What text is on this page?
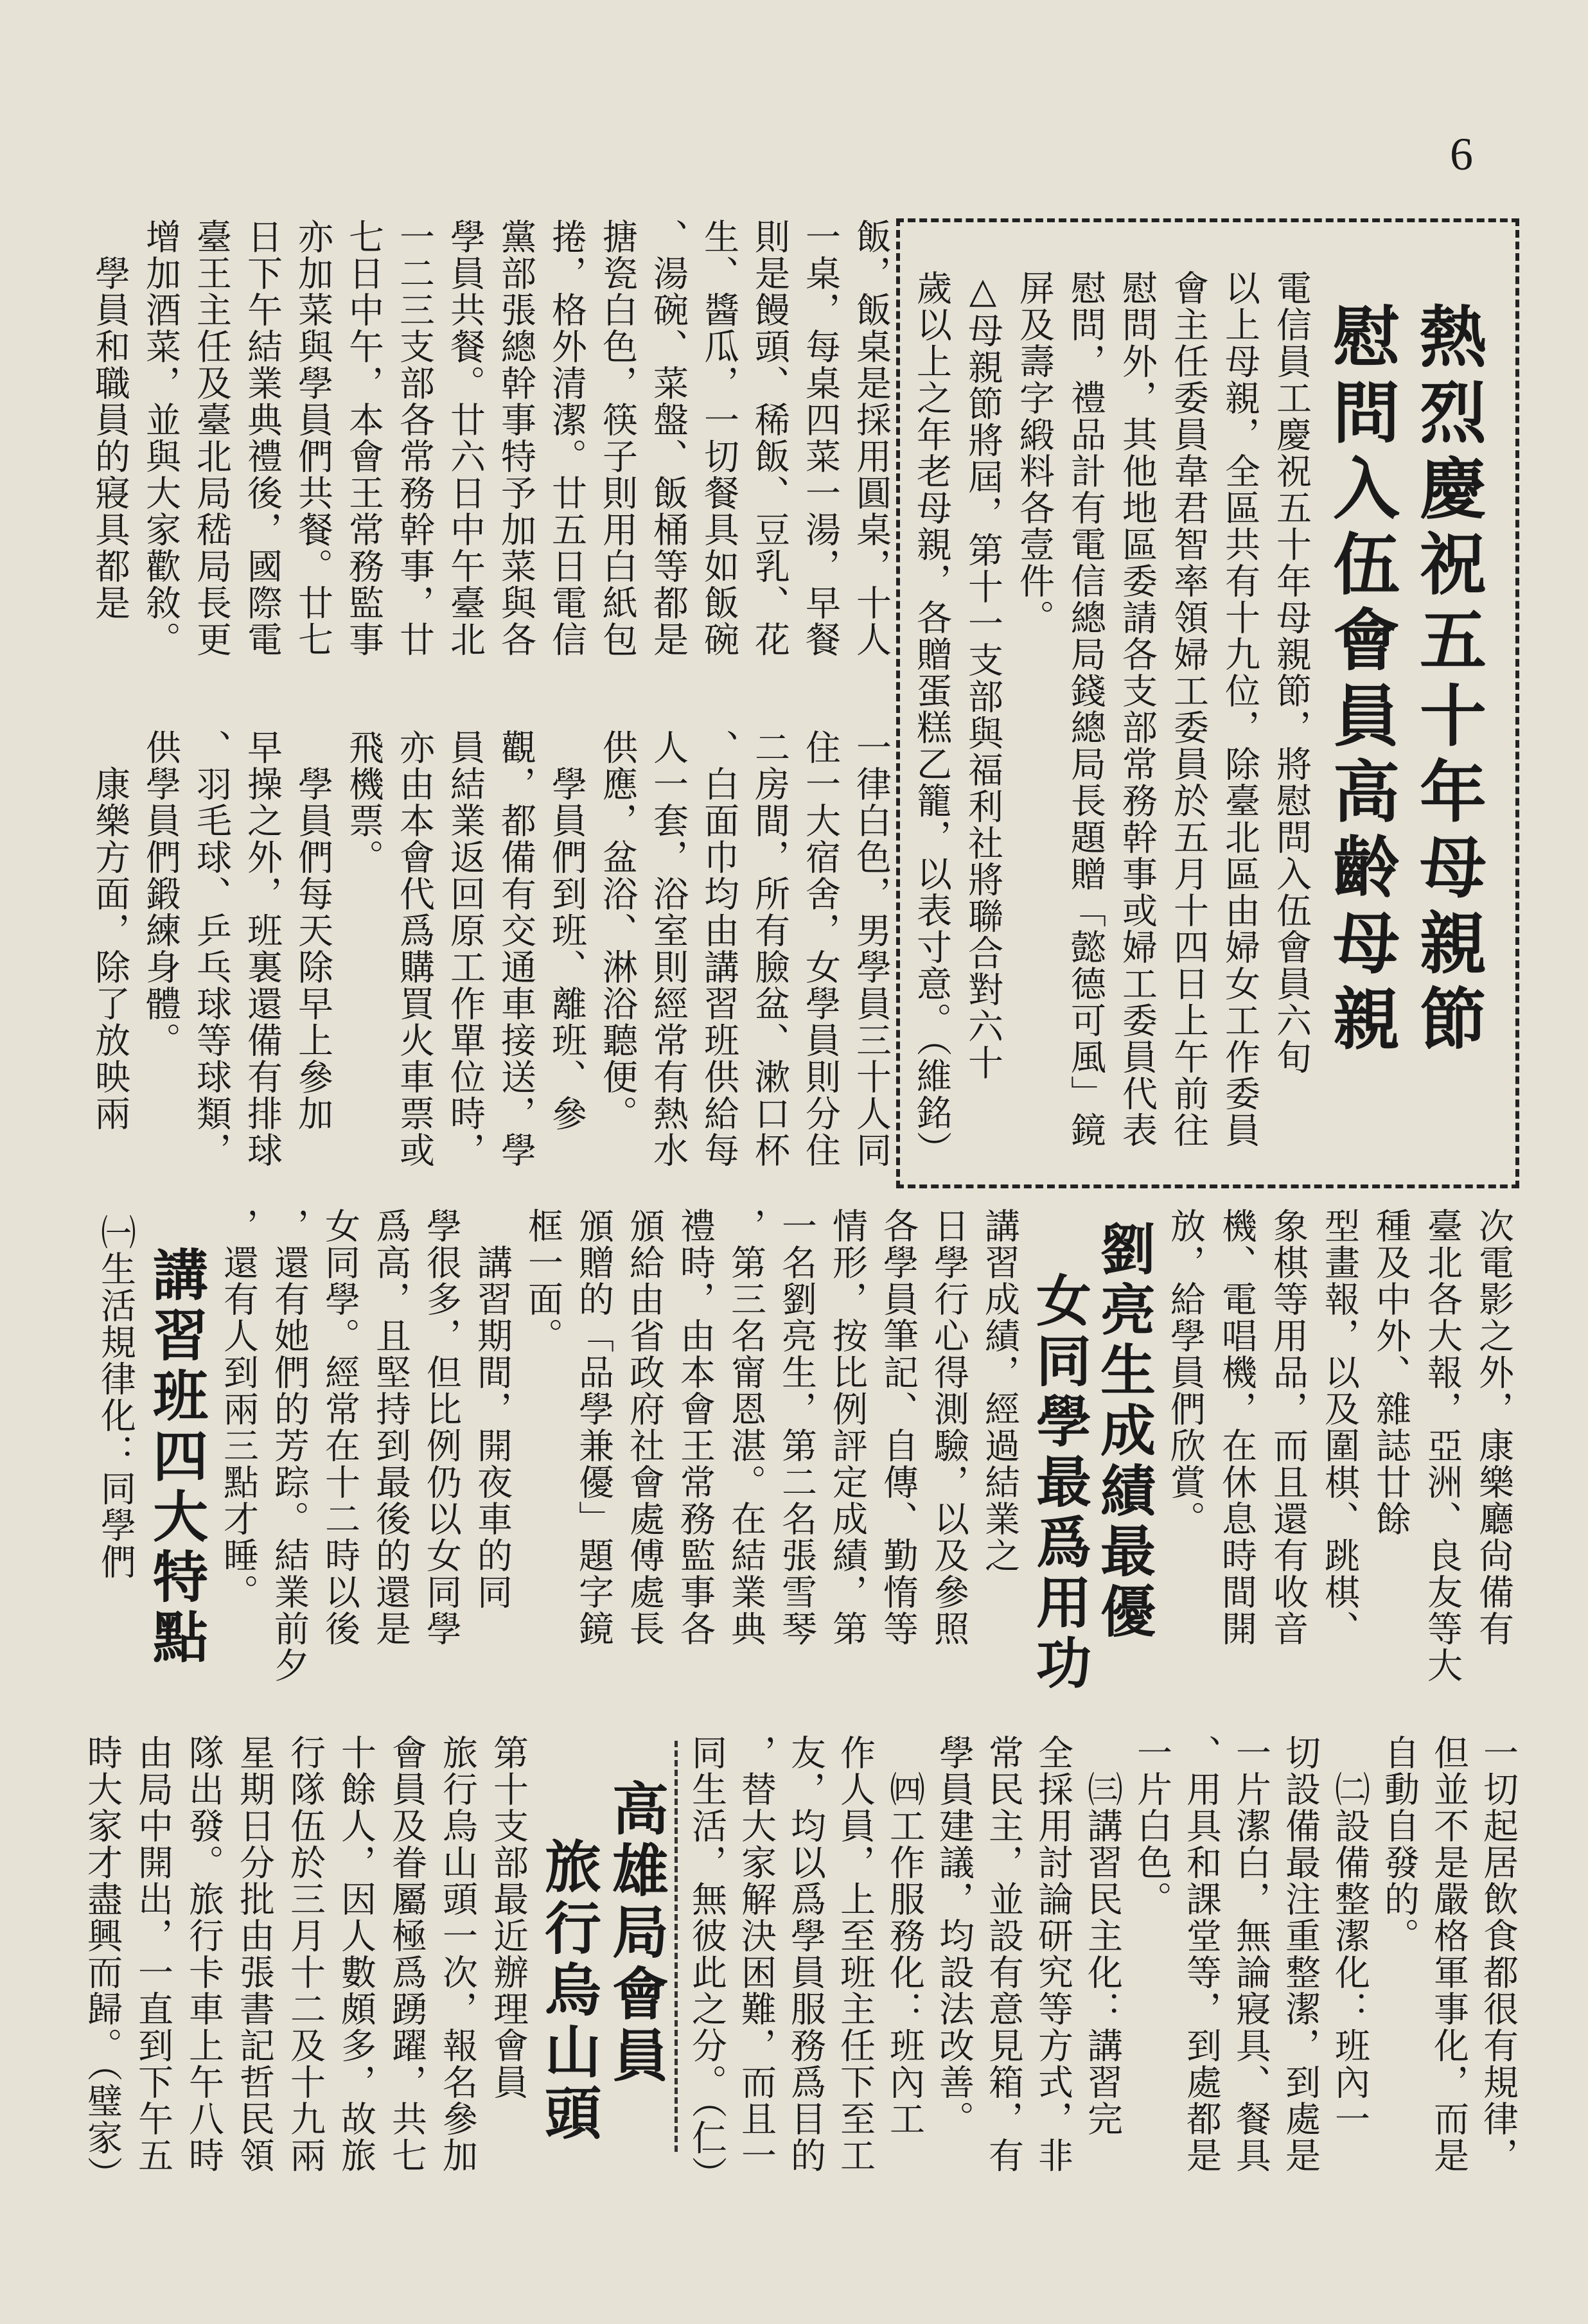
6
熱烈慶祝五十年母親節
慰問入伍會員高齡母親
電信員工慶祝五十年母親節，將慰問入伍會員六旬
以上母親，全區共有十九位，除臺北區由婦女工作委員
會主任委員韋君智率領婦工委員於五月十四日上午前往
慰問外，其他地區委請各支部常務幹事或婦工委員代表
慰問，禮品計有電信總局錢總局長題贈「懿德可風」鏡
屏及壽字緞料各壹件。
△母親節將屆，第十一支部與福利社將聯合對六十
歲以上之年老母親，各贈蛋糕乙籠，以表寸意。（維銘）
飯，飯桌是採用圓桌，十人
一桌，每桌四菜一湯，早餐
則是饅頭、稀飯、豆乳、花
生、醬瓜，一切餐具如飯碗
、湯碗、菜盤、飯桶等都是
搪瓷白色，筷子則用白紙包
捲，格外清潔。廿五日電信
黨部張總幹事特予加菜與各
學員共餐。廿六日中午臺北
一二三支部各常務幹事，廿
七日中午，本會王常務監事
亦加菜與學員們共餐。廿七
日下午結業典禮後，國際電
臺王主任及臺北局嵇局長更
增加酒菜，並與大家歡敘。
　學員和職員的寢具都是
一律白色，男學員三十人同
住一大宿舍，女學員則分住
二房間，所有臉盆、漱口杯
、白面巾均由講習班供給每
人一套，浴室則經常有熱水
供應，盆浴、淋浴聽便。
　學員們到班、離班、參
觀，都備有交通車接送，學
員結業返回原工作單位時，
亦由本會代爲購買火車票或
飛機票。
　學員們每天除早上參加
早操之外，班裏還備有排球
、羽毛球、乒乓球等球類，
供學員們鍛練身體。
　康樂方面，除了放映兩
次電影之外，康樂廳尙備有
臺北各大報，亞洲、良友等大
種及中外、雜誌廿餘
型畫報，以及圍棋、跳棋、
象棋等用品，而且還有收音
機、電唱機，在休息時間開
放，給學員們欣賞。
劉亮生成績最優
女同學最爲用功
講習成績，經過結業之
日學行心得測驗，以及參照
各學員筆記、自傳、勤惰等
情形，按比例評定成績，第
一名劉亮生，第二名張雪琴
，第三名甯恩湛。在結業典
禮時，由本會王常務監事各
頒給由省政府社會處傅處長
頒贈的「品學兼優」題字鏡
框一面。
　講習期間，開夜車的同
學很多，但比例仍以女同學
爲高，且堅持到最後的還是
女同學。經常在十二時以後
，還有她們的芳踪。結業前夕
，還有人到兩三點才睡。
講習班四大特點
㈠生活規律化：同學們
一切起居飲食都很有規律，
但並不是嚴格軍事化，而是
自動自發的。
　㈡設備整潔化：班內一
切設備最注重整潔，到處是
一片潔白，無論寢具、餐具
、用具和課堂等，到處都是
一片白色。
　㈢講習民主化：講習完
全採用討論研究等方式，非
常民主，並設有意見箱，有
學員建議，均設法改善。
　㈣工作服務化：班內工
作人員，上至班主任下至工
友，均以爲學員服務爲目的
，替大家解決困難，而且一
同生活，無彼此之分。（仁）
高雄局會員
旅行烏山頭
第十支部最近辦理會員
旅行烏山頭一次，報名參加
會員及眷屬極爲踴躍，共七
十餘人，因人數頗多，故旅
行隊伍於三月十二及十九兩
星期日分批由張書記哲民領
隊出發。旅行卡車上午八時
由局中開出，一直到下午五
時大家才盡興而歸。（璧家）
